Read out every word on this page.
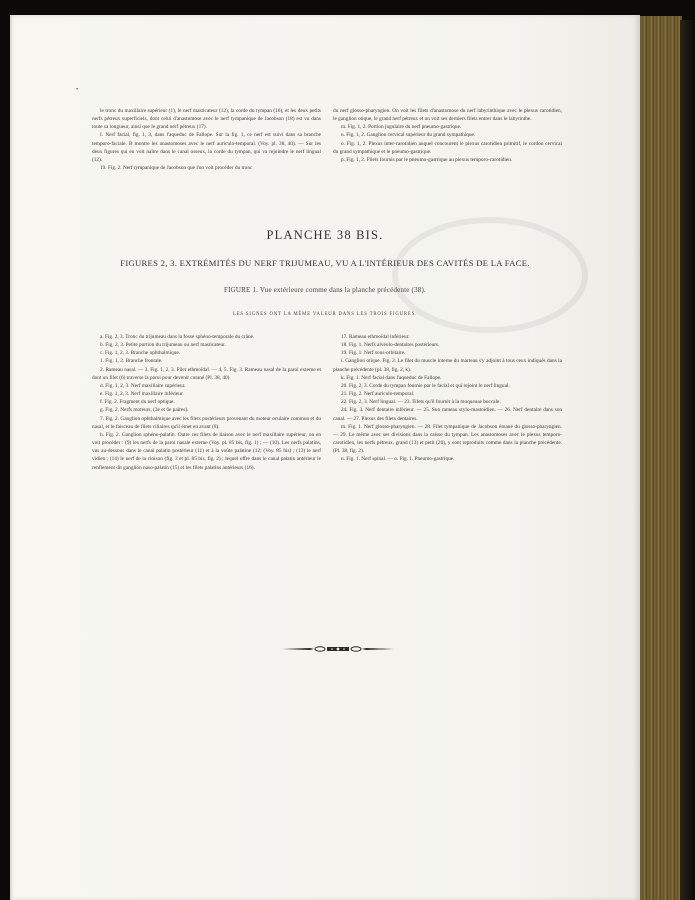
•

le tronc du maxillaire supérieur (1), le nerf masticateur (12), la corde du tympan (16), et les deux petits nerfs pétreux superficiels, dont celui d'anastomose avec le nerf tympanique de Jacobson (18) est vu dans toute sa longueur, ainsi que le grand nerf pétreux (17).

I. Nerf facial, fig. 1, 3, dans l'aqueduc de Fallope. Sur la fig. 1, ce nerf est suivi dans sa branche temporo-faciale. B montre les anastomoses avec le nerf auriculo-temporal. (Voy. pl. 38, 40). — Sur les deux figures qui en voit naître dans le canal osseux, la corde du tympan, qui va rejoindre le nerf lingual (12).

19. Fig. 2. Nerf tympanique de Jacobson que l'on voit procéder du tronc

du nerf glosso-pharyngien. On voit les filets d'anastomose du nerf labyrinthique avec le plexus carotidien, le ganglion otique, le grand nerf pétreux et on voit ses derniers filets entrer dans le labyrinthe.

m. Fig. 1, 2. Portion jugulaire du nerf pneumo-gastrique.

n. Fig. 1, 2. Ganglion cervical supérieur du grand sympathique.

o. Fig. 1, 2. Plexus inter-carotidien auquel concourent le plexus carotidien primitif, le cordon cervical du grand sympathique et le pneumo-gastrique.

p. Fig. 1, 2. Filets fournis par le pneumo-gastrique au plexus temporo-carotidien.

PLANCHE 38 BIS.
FIGURES 2, 3. EXTRÉMITÉS DU NERF TRIJUMEAU, VU A L'INTÉRIEUR DES CAVITÉS DE LA FACE.
FIGURE 1. Vue extérieure comme dans la planche précédente (38).
LES SIGNES ONT LA MÊME VALEUR DANS LES TROIS FIGURES.

a. Fig. 2, 3. Tronc du trijumeau dans la fosse sphéno-temporale du crâne.

b. Fig. 2, 3. Petite portion du trijumeau ou nerf masticateur.

c. Fig. 1, 2, 3. Branche ophthalmique.

1. Fig. 1, 2. Branche frontale.

2. Rameau nasal. — 3. Fig. 1, 2, 3. Filet ethmoïdal. — 4, 5. Fig. 3. Rameau nasal de la paroi externe et dont un filet (6) traverse la paroi pour devenir cutané (Pl. 38, 40).

d. Fig. 1, 2, 3. Nerf maxillaire supérieur.

e. Fig. 1, 2, 3. Nerf maxillaire inférieur.

f. Fig. 2. Fragment du nerf optique.

g. Fig. 2. Nerfs moteurs, (3e et 6e paires).

7. Fig. 2. Ganglion ophthalmique avec les filets postérieurs provenant du moteur oculaire commun et du nasal, et le faisceau de filets ciliaires qu'il émet en avant (8).

h. Fig. 2. Ganglion sphéno-palatin. Outre ces filets de liaison avec le nerf maxillaire supérieur, on en voit procéder : (9) les nerfs de la paroi nasale externe (Voy. pl. 85 bis, fig. 1) ; — (10). Les nerfs palatins, vus au-dessous dans le canal palatin postérieur (11) et à la voûte palatine (12; (Voy. 85 bis) ; (13) le nerf vidien ; (14) le nerf de la cloison (fig. 3 et pl. 85 bis, fig. 2) ; lequel offre dans le canal palatin antérieur le renflement dit ganglion naso-palatin (15) et les filets palatins antérieurs (16).

17. Rameau ethmoïdal inférieur.

18. Fig. 1. Nerfs alvéolo-dentaires postérieurs.

19. Fig. 1. Nerf sous-orbitaire.

i. Ganglion otique. Fig. 2. Le filet du muscle interne du marteau s'y adjoint à tous ceux indiqués dans la planche précédente (pl. 38, fig. 2, k).

k. Fig. 1. Nerf facial dans l'aqueduc de Fallope.

20. Fig. 2, 3. Corde du tympan fournie par le facial et qui rejoint le nerf lingual.

21. Fig. 2. Nerf auriculo-temporal.

22. Fig. 2, 3. Nerf lingual. — 23. Filets qu'il fournit à la muqueuse buccale.

24. Fig. 3. Nerf dentaire inférieur. — 25. Son rameau stylo-mastoïdien. — 26. Nerf dentaire dans son canal. — 27. Plexus des filets dentaires.

m. Fig. 1. Nerf glosso-pharyngien. — 28. Filet tympanique de Jacobson émané du glosso-pharyngien. — 29. Le même avec ses divisions dans la caisse du tympan. Les anastomoses avec le plexus temporo-carotidien, les nerfs pétreux, grand (13) et petit (20), y sont reproduits comme dans la planche précédente. (Pl. 38, fig. 2).

n. Fig. 1. Nerf spinal. — o. Fig. 1. Pneumo-gastrique.
